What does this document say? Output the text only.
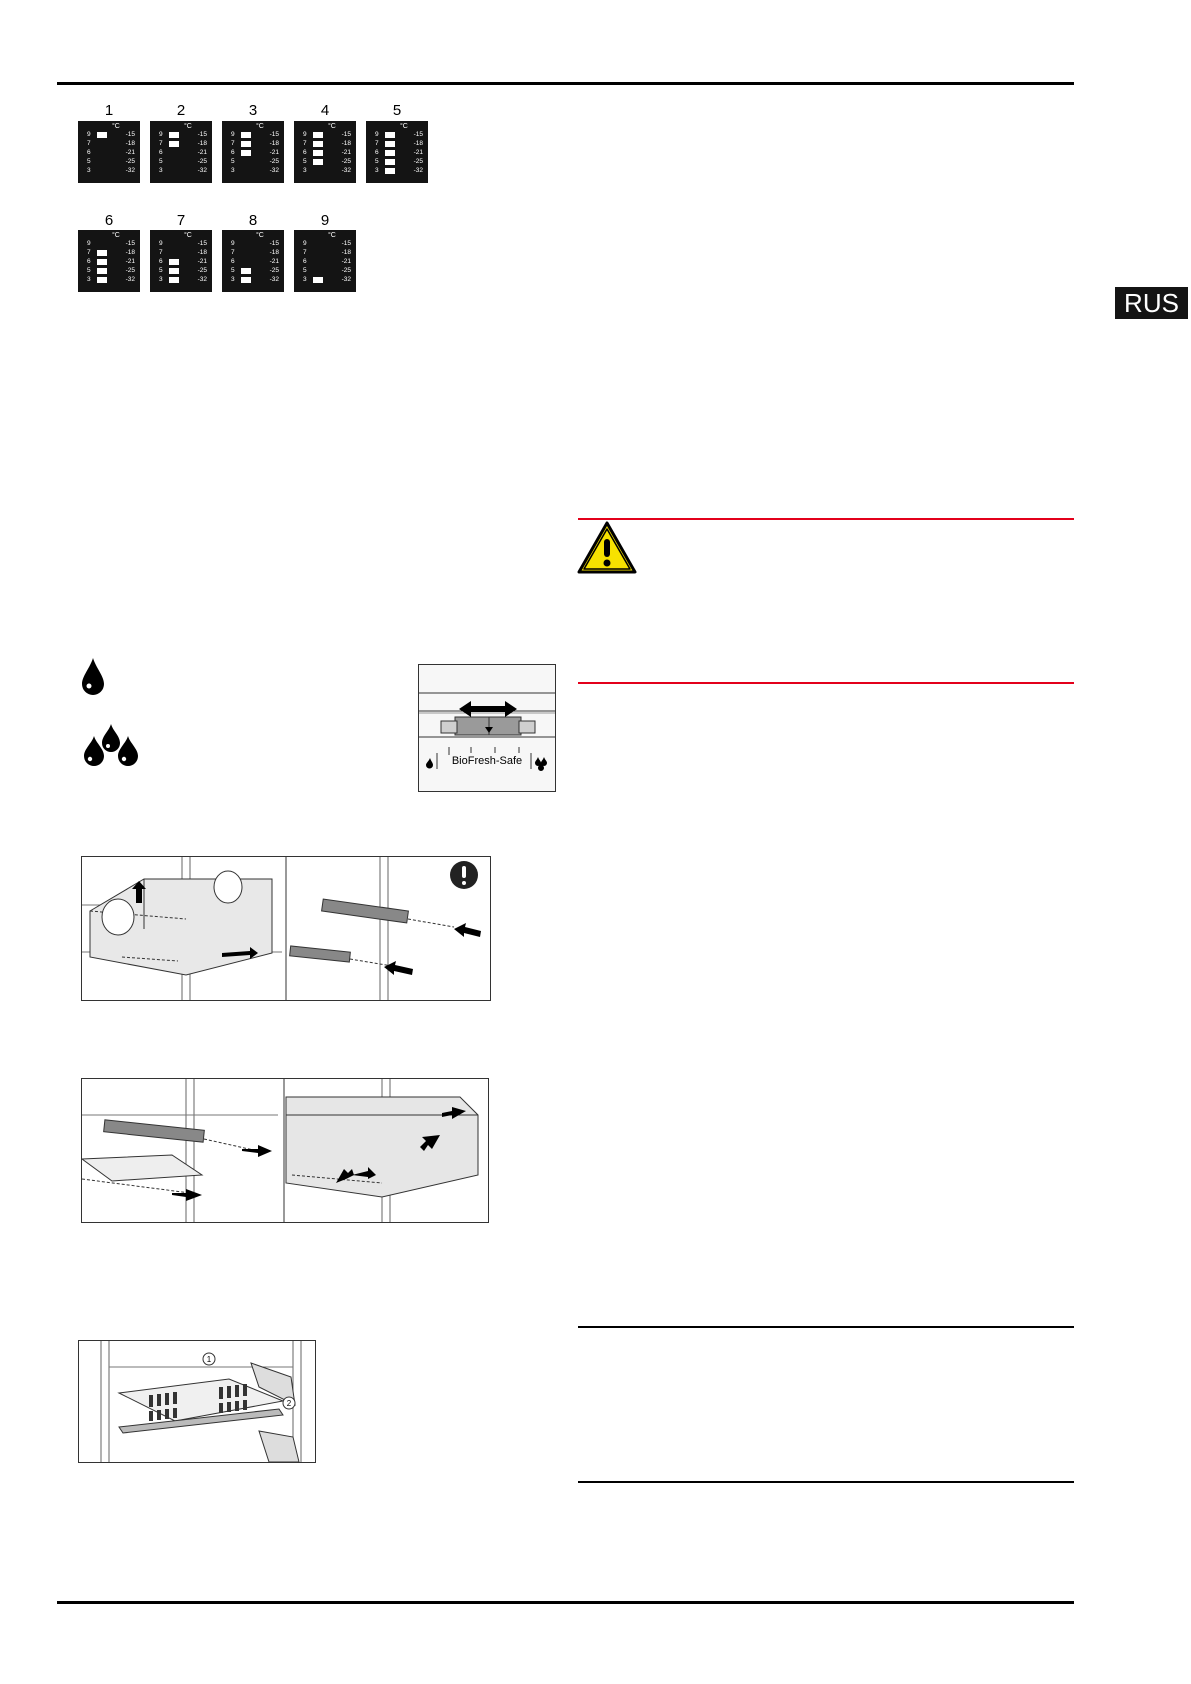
RUS
1
°C
9	-15
7	-18
6	-21
5	-25
3	-32
2
°C
9	-15
7	-18
6	-21
5	-25
3	-32
3
°C
9	-15
7	-18
6	-21
5	-25
3	-32
4
°C
9	-15
7	-18
6	-21
5	-25
3	-32
5
°C
9	-15
7	-18
6	-21
5	-25
3	-32
6
°C
9	-15
7	-18
6	-21
5	-25
3	-32
7
°C
9	-15
7	-18
6	-21
5	-25
3	-32
8
°C
9	-15
7	-18
6	-21
5	-25
3	-32
9
°C
9	-15
7	-18
6	-21
5	-25
3	-32
BioFresh-Safe
1
2
